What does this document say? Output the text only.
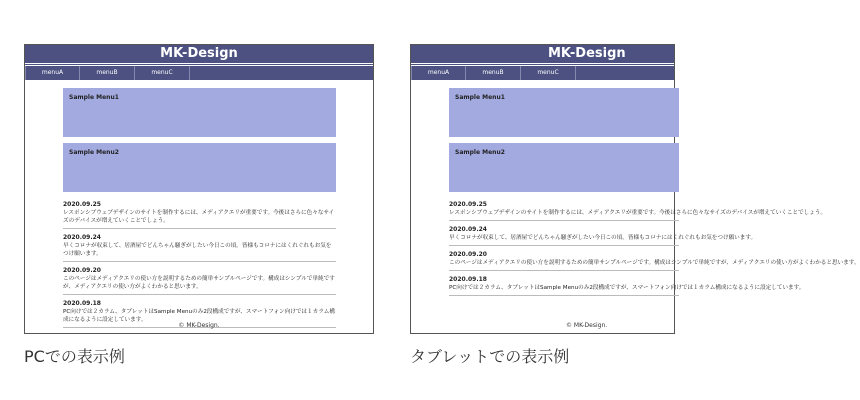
MK-Design
menuA	menuB	menuC
Sample Menu1
Sample Menu2
2020.09.25
レスポンシブウェブデザインのサイトを制作するには、メディアクエリが重要です。今後はさらに色々なサイズのデバイスが増えていくことでしょう。
2020.09.24
早くコロナが収束して、居酒屋でどんちゃん騒ぎがしたい今日この頃。皆様もコロナにはくれぐれもお気をつけ願います。
2020.09.20
このページはメディアクエリの使い方を説明するための簡単サンプルページです。構成はシンプルで単純ですが、メディアクエリの使い方がよくわかると思います。
2020.09.18
PC向けでは２カラム、タブレットはSample Menuのみ2段構成ですが、スマートフォン向けでは１カラム構成になるように設定しています。
© MK-Design.
MK-Design
menuA	menuB	menuC
Sample Menu1
Sample Menu2
2020.09.25
レスポンシブウェブデザインのサイトを制作するには、メディアクエリが重要です。今後はさらに色々なサイズのデバイスが増えていくことでしょう。
2020.09.24
早くコロナが収束して、居酒屋でどんちゃん騒ぎがしたい今日この頃。皆様もコロナにはくれぐれもお気をつけ願います。
2020.09.20
このページはメディアクエリの使い方を説明するための簡単サンプルページです。構成はシンプルで単純ですが、メディアクエリの使い方がよくわかると思います。
2020.09.18
PC向けでは２カラム、タブレットはSample Menuのみ2段構成ですが、スマートフォン向けでは１カラム構成になるように設定しています。
© MK-Design.
PCでの表示例	タブレットでの表示例
